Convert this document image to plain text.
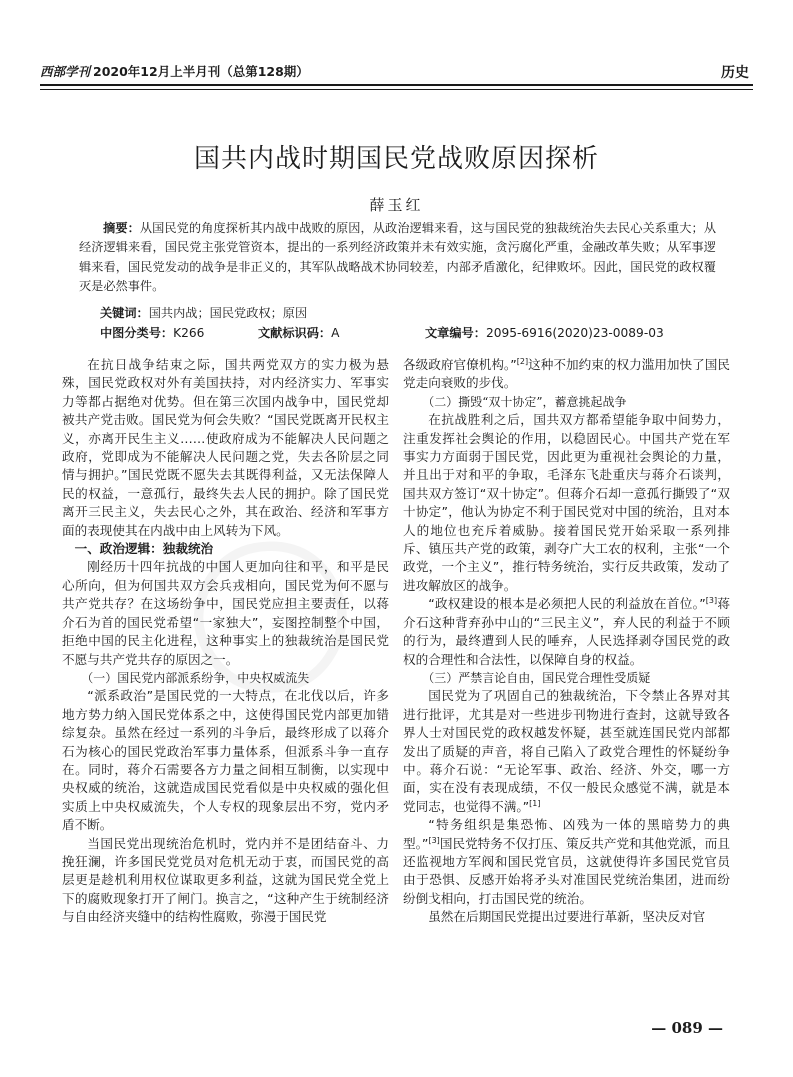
西部学刊 2020年12月上半月刊（总第128期）	历史
国共内战时期国民党战败原因探析
薛玉红
摘要：从国民党的角度探析其内战中战败的原因，从政治逻辑来看，这与国民党的独裁统治失去民心关系重大；从经济逻辑来看，国民党主张党管资本，提出的一系列经济政策并未有效实施，贪污腐化严重，金融改革失败；从军事逻辑来看，国民党发动的战争是非正义的，其军队战略战术协同较差，内部矛盾激化，纪律败坏。因此，国民党的政权覆灭是必然事件。
关键词：国共内战；国民党政权；原因
中图分类号：K266	文献标识码：A	文章编号：2095-6916(2020)23-0089-03

在抗日战争结束之际，国共两党双方的实力极为悬殊，国民党政权对外有美国扶持，对内经济实力、军事实力等都占据绝对优势。但在第三次国内战争中，国民党却被共产党击败。国民党为何会失败？“国民党既离开民权主义，亦离开民生主义……使政府成为不能解决人民问题之政府，党即成为不能解决人民问题之党，失去各阶层之同情与拥护。”国民党既不愿失去其既得利益，又无法保障人民的权益，一意孤行，最终失去人民的拥护。除了国民党离开三民主义，失去民心之外，其在政治、经济和军事方面的表现使其在内战中由上风转为下风。

一、政治逻辑：独裁统治

刚经历十四年抗战的中国人更加向往和平，和平是民心所向，但为何国共双方会兵戎相向，国民党为何不愿与共产党共存？在这场纷争中，国民党应担主要责任，以蒋介石为首的国民党希望“一家独大”，妄图控制整个中国，拒绝中国的民主化进程，这种事实上的独裁统治是国民党不愿与共产党共存的原因之一。

（一）国民党内部派系纷争，中央权威流失

“派系政治”是国民党的一大特点，在北伐以后，许多地方势力纳入国民党体系之中，这使得国民党内部更加错综复杂。虽然在经过一系列的斗争后，最终形成了以蒋介石为核心的国民党政治军事力量体系，但派系斗争一直存在。同时，蒋介石需要各方力量之间相互制衡，以实现中央权威的统治，这就造成国民党看似是中央权威的强化但实质上中央权威流失，个人专权的现象层出不穷，党内矛盾不断。

当国民党出现统治危机时，党内并不是团结奋斗、力挽狂澜，许多国民党党员对危机无动于衷，而国民党的高层更是趁机利用权位谋取更多利益，这就为国民党全党上下的腐败现象打开了闸门。换言之，“这种产生于统制经济与自由经济夹缝中的结构性腐败，弥漫于国民党

各级政府官僚机构。”[2]这种不加约束的权力滥用加快了国民党走向衰败的步伐。

（二）撕毁“双十协定”，蓄意挑起战争

在抗战胜利之后，国共双方都希望能争取中间势力，注重发挥社会舆论的作用，以稳固民心。中国共产党在军事实力方面弱于国民党，因此更为重视社会舆论的力量，并且出于对和平的争取，毛泽东飞赴重庆与蒋介石谈判，国共双方签订“双十协定”。但蒋介石却一意孤行撕毁了“双十协定”，他认为协定不利于国民党对中国的统治，且对本人的地位也充斥着威胁。接着国民党开始采取一系列排斥、镇压共产党的政策，剥夺广大工农的权利，主张“一个政党，一个主义”，推行特务统治，实行反共政策，发动了进攻解放区的战争。

“政权建设的根本是必须把人民的利益放在首位。”[3]蒋介石这种背弃孙中山的“三民主义”，弃人民的利益于不顾的行为，最终遭到人民的唾弃，人民选择剥夺国民党的政权的合理性和合法性，以保障自身的权益。

（三）严禁言论自由，国民党合理性受质疑

国民党为了巩固自己的独裁统治，下令禁止各界对其进行批评，尤其是对一些进步刊物进行查封，这就导致各界人士对国民党的政权越发怀疑，甚至就连国民党内部都发出了质疑的声音，将自己陷入了政党合理性的怀疑纷争中。蒋介石说：“无论军事、政治、经济、外交，哪一方面，实在没有表现成绩，不仅一般民众感觉不满，就是本党同志，也觉得不满。”[1]

“特务组织是集恐怖、凶残为一体的黑暗势力的典型。”[3]国民党特务不仅打压、策反共产党和其他党派，而且还监视地方军阀和国民党官员，这就使得许多国民党官员由于恐惧、反感开始将矛头对准国民党统治集团，进而纷纷倒戈相向，打击国民党的统治。

虽然在后期国民党提出过要进行革新，坚决反对官

— 089 —
